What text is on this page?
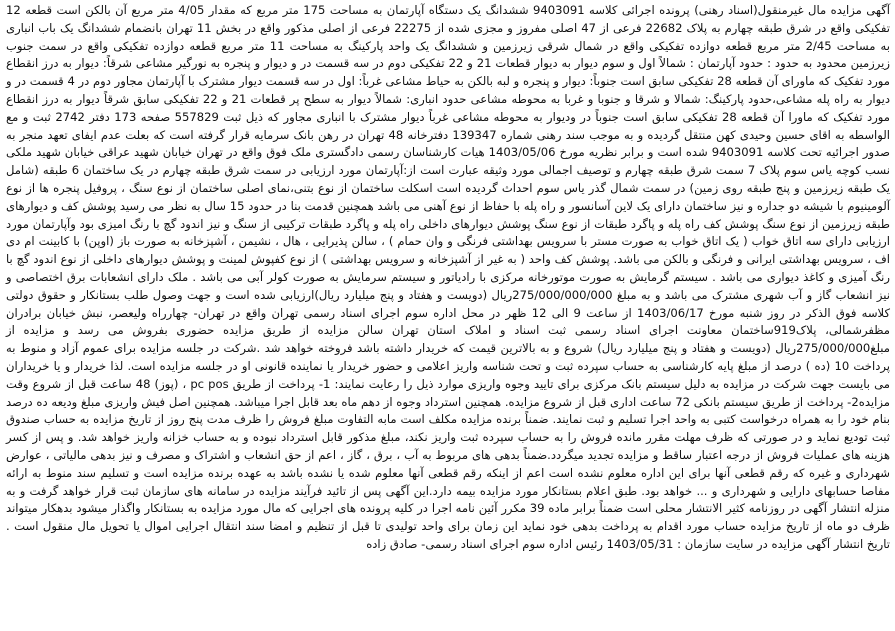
آگهی مزایده مال غیرمنقول(اسناد رهنی) پرونده اجرائی کلاسه 9403091 ششدانگ یک دستگاه آپارتمان به مساحت 175 متر مربع که مقدار 4/05 متر مربع آن بالکن است قطعه 12 تفکیکی واقع در شرق طبقه چهارم به پلاک 22682 فرعی از 47 اصلی مفروز و مجزی شده از 22275 فرعی از اصلی مذکور واقع در بخش 11 تهران بانضمام ششدانگ یک باب انباری به مساحت 2/45 متر مربع قطعه دوازده تفکیکی واقع در شمال شرقی زیرزمین و ششدانگ یک واحد پارکینگ به مساحت 11 متر مربع قطعه دوازده تفکیکی واقع در سمت جنوب زیرزمین محدود به حدود : حدود آپارتمان : شمالاً اول و سوم دیوار به دیوار قطعات 21 و 22 تفکیکی دوم در سه قسمت در و دیوار و پنجره به نورگیر مشاعی شرقاً: دیوار به درز انقطاع مورد تفکیک که ماورای آن قطعه 28 تفکیکی سابق است جنوباً: دیوار و پنجره و لبه بالکن به حیاط مشاعی غرباً: اول در سه قسمت دیوار مشترک با آپارتمان مجاور دوم در 4 قسمت در و دیوار به راه پله مشاعی،حدود پارکینگ: شمالا و شرقا و جنوبا و غربا به محوطه مشاعی حدود انباری: شمالاً دیوار به سطح پر قطعات 21 و 22 تفکیکی سابق شرقاً دیوار به درز انقطاع مورد تفکیک که ماورا آن قطعه 28 تفکیکی سابق است جنوباً در ودیوار به محوطه مشاعی غرباً دیوار مشترک با انباری مجاور که ذیل ثبت 557829 صفحه 173 دفتر 2742 ثبت و مع الواسطه به اقای حسین وحیدی کهن منتقل گردیده و به موجب سند رهنی شماره 139347 دفترخانه 48 تهران در رهن بانک سرمایه قرار گرفته است که بعلت عدم ایفای تعهد منجر به صدور اجرائیه تحت کلاسه 9403091 شده است و برابر نظریه مورخ 1403/05/06 هیات کارشناسان رسمی دادگستری ملک فوق واقع در تهران خیابان شهید عراقی خیابان شهید ملکی نسب کوچه یاس سوم پلاک 7 سمت شرق طبقه چهارم و توصیف اجمالی مورد وثیقه عبارت است از:آپارتمان مورد ارزیابی در سمت شرق طبقه چهارم در یک ساختمان 6 طبقه (شامل یک طبقه زیرزمین و پنج طبقه روی زمین) در سمت شمال گذر یاس سوم احداث گردیده است اسکلت ساختمان از نوع بتنی،نمای اصلی ساختمان از نوع سنگ ، پروفیل پنجره ها از نوع آلومینیوم با شیشه دو جداره و نیز ساختمان دارای یک لاین آسانسور و راه پله با حفاظ از نوع آهنی می باشد همچنین قدمت بنا در حدود 15 سال به نظر می رسید پوشش کف و دیوارهای طبقه زیرزمین از نوع سنگ پوشش کف راه پله و پاگرد طبقات از نوع سنگ پوشش دیوارهای داخلی راه پله و پاگرد طبقات ترکیبی از سنگ و نیز اندود گچ با رنگ امیزی بود وآپارتمان مورد ارزیابی دارای سه اتاق خواب ( یک اتاق خواب به صورت مستر با سرویس بهداشتی فرنگی و وان حمام ) ، سالن پذیرایی ، هال ، نشیمن ، آشپزخانه به صورت باز (اوپن) با کابینت ام دی اف ، سرویس بهداشتی ایرانی و فرنگی و بالکن می باشد. پوشش کف واحد ( به غیر از آشپزخانه و سرویس بهداشتی ) از نوع کفپوش لمینت و پوشش دیوارهای داخلی از نوع اندود گچ با رنگ آمیزی و کاغذ دیواری می باشد . سیستم گرمایش به صورت موتورخانه مرکزی با رادیاتور و سیستم سرمایش به صورت کولر آبی می باشد . ملک دارای انشعابات برق اختصاصی و نیز انشعاب گاز و آب شهری مشترک می باشد و به مبلغ 275/000/000/000ریال (دویست و هفتاد و پنج میلیارد ریال)ارزیابی شده است و جهت وصول طلب بستانکار و حقوق دولتی کلاسه فوق الذکر در روز شنبه مورخ 1403/06/17 از ساعت 9 الی 12 ظهر در محل اداره سوم اجرای اسناد رسمی تهران واقع در تهران- چهارراه ولیعصر، نبش خیابان برادران مظفرشمالی، پلاک919ساختمان معاونت اجرای اسناد رسمی ثبت اسناد و املاک استان تهران سالن مزایده از طریق مزایده حضوری بفروش می رسد و مزایده از مبلغ275/000/000ریال (دویست و هفتاد و پنج میلیارد ریال) شروع و به بالاترین قیمت که خریدار داشته باشد فروخته خواهد شد .شرکت در جلسه مزایده برای عموم آزاد و منوط به پرداخت 10 (ده ) درصد از مبلغ پایه کارشناسی به حساب سپرده ثبت و تحت شناسه واریز اعلامی و حضور خریدار یا نماینده قانونی او در جلسه مزایده است. لذا خریدار و یا خریداران می بایست جهت شرکت در مزایده به دلیل سیستم بانک مرکزی برای تایید وجوه واریزی موارد ذیل را رعایت نمایند: 1- پرداخت از طریق pc pos ، (پوز) 48 ساعت قبل از شروع وقت مزایده2- پرداخت از طریق سیستم بانکی 72 ساعت اداری قبل از شروع مزایده. همچنین استرداد وجوه از دهم ماه بعد قابل اجرا میباشد. همچنین اصل فیش واریزی مبلغ ودیعه ده درصد بنام خود را به همراه درخواست کتبی به واحد اجرا تسلیم و ثبت نمایند. ضمناً برنده مزایده مکلف است مابه التفاوت مبلغ فروش را ظرف مدت پنج روز از تاریخ مزایده به حساب صندوق ثبت تودیع نماید و در صورتی که ظرف مهلت مقرر مانده فروش را به حساب سپرده ثبت واریز نکند، مبلغ مذکور قابل استرداد نبوده و به حساب خزانه واریز خواهد شد. و پس از کسر هزینه های عملیات فروش از درجه اعتبار ساقط و مزایده تجدید میگردد.ضمناً بدهی های مربوط به آب ، برق ، گاز ، اعم از حق انشعاب و اشتراک و مصرف و نیز بدهی مالیاتی ، عوارض شهرداری و غیره که رقم قطعی آنها برای این اداره معلوم نشده است اعم از اینکه رقم قطعی آنها معلوم شده یا نشده باشد به عهده برنده مزایده است و تسلیم سند منوط به ارائه مفاصا حسابهای دارایی و شهرداری و ... خواهد بود. طبق اعلام بستانکار مورد مزایده بیمه دارد.این آگهی پس از تائید فرآیند مزایده در سامانه های سازمان ثبت قرار خواهد گرفت و به منزله انتشار آگهی در روزنامه کثیر الانتشار محلی است ضمناً برابر ماده 39 مکرر آئین نامه اجرا در کلیه پرونده های اجرایی که مال مورد مزایده به بستانکار واگذار میشود بدهکار میتواند ظرف دو ماه از تاریخ مزایده حساب مورد اقدام به پرداخت بدهی خود نماید این زمان برای واحد تولیدی تا قبل از تنظیم و امضا سند انتقال اجرایی اموال یا تحویل مال منقول است . تاریخ انتشار آگهی مزایده در سایت سازمان : 1403/05/31 رئیس اداره سوم اجرای اسناد رسمی- صادق زاده
